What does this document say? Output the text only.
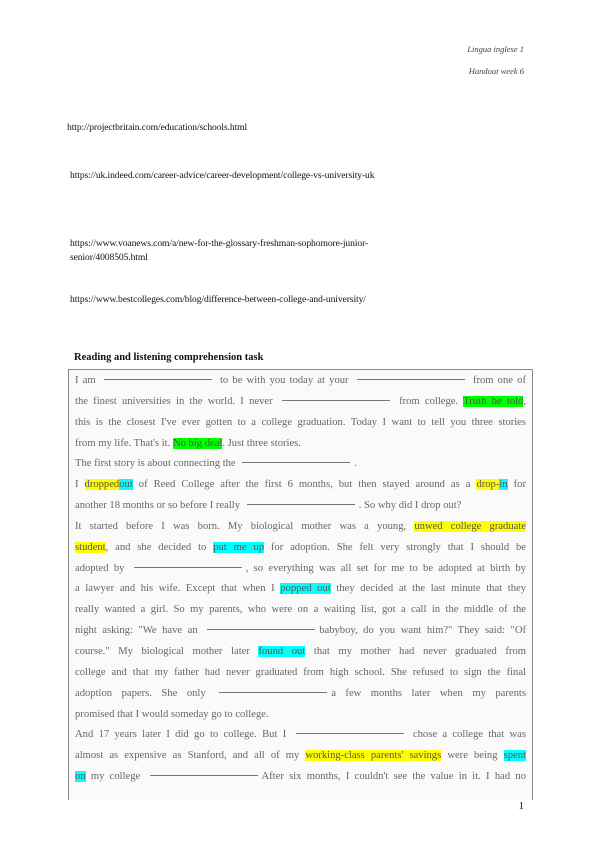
Lingua inglese 1
Handout week 6
http://projectbritain.com/education/schools.html
https://uk.indeed.com/career-advice/career-development/college-vs-university-uk
https://www.voanews.com/a/new-for-the-glossary-freshman-sophomore-junior-
senior/4008505.html
https://www.bestcolleges.com/blog/difference-between-college-and-university/
Reading and listening comprehension task
I am	to be with you today at your	from one of
the finest universities in the world. I never	from college. Truth be told,
this is the closest I've ever gotten to a college graduation. Today I want to tell you three stories
from my life. That's it. No big deal. Just three stories.
The first story is about connecting the	.
I droppedout of Reed College after the first 6 months, but then stayed around as a drop-in for
another 18 months or so before I really	. So why did I drop out?
It started before I was born. My biological mother was a young, unwed college graduate
student, and she decided to put me up for adoption. She felt very strongly that I should be
adopted by	, so everything was all set for me to be adopted at birth by
a lawyer and his wife. Except that when I popped out they decided at the last minute that they
really wanted a girl. So my parents, who were on a waiting list, got a call in the middle of the
night asking: "We have an	babyboy, do you want him?" They said: "Of
course." My biological mother later found out that my mother had never graduated from
college and that my father had never graduated from high school. She refused to sign the final
adoption papers. She only	a few months later when my parents
promised that I would someday go to college.
And 17 years later I did go to college. But I	chose a college that was
almost as expensive as Stanford, and all of my working-class parents' savings were being spent
on my college	After six months, I couldn't see the value in it. I had no
1
